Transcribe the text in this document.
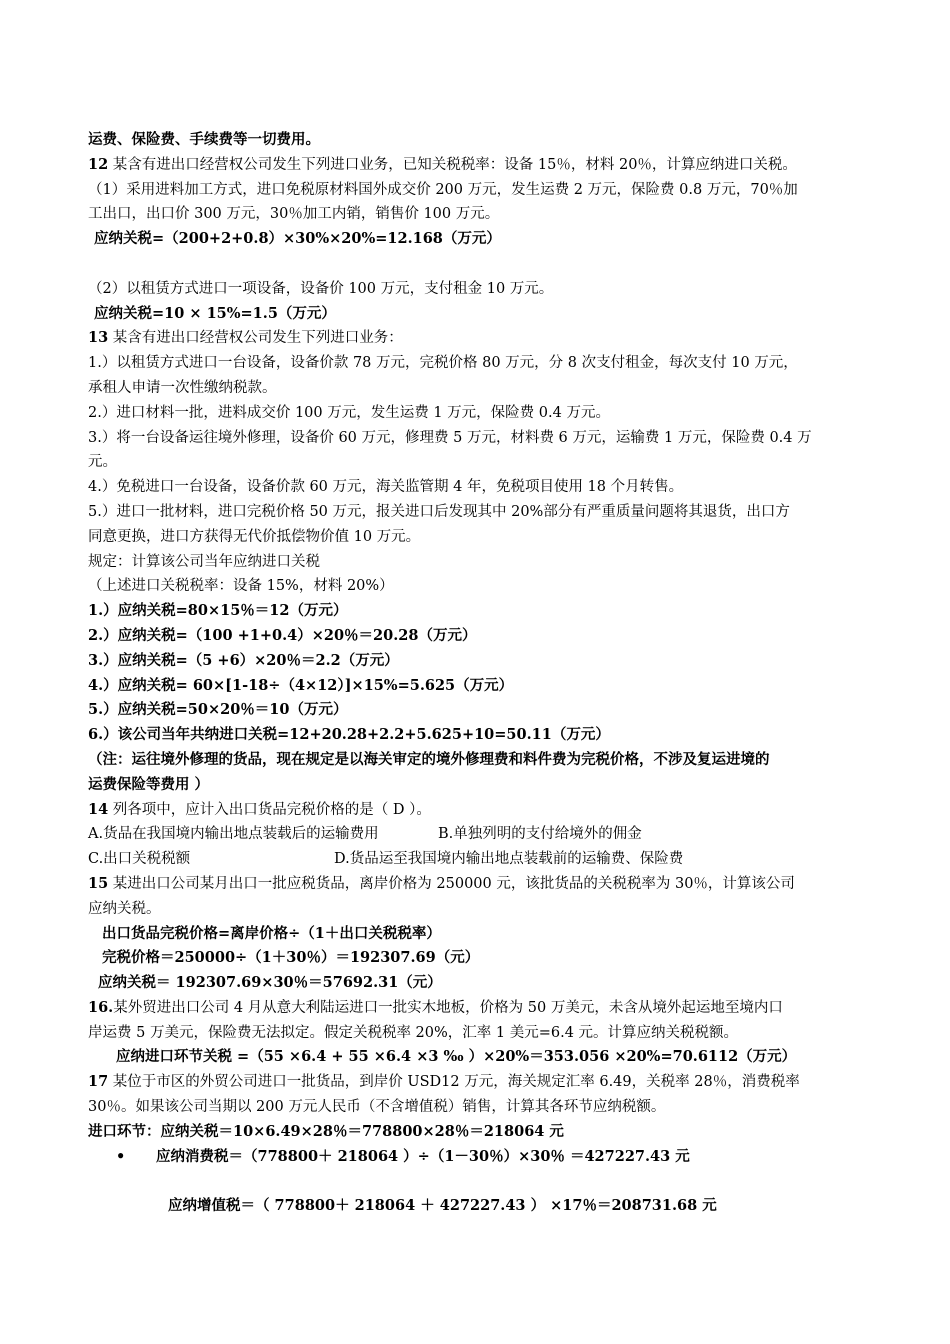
运费、保险费、手续费等一切费用。
12 某含有进出口经营权公司发生下列进口业务，已知关税税率：设备 15％，材料 20％，计算应纳进口关税。
（1）采用进料加工方式，进口免税原材料国外成交价 200 万元，发生运费 2 万元，保险费 0.8 万元，70％加
工出口，出口价 300 万元，30％加工内销，销售价 100 万元。
应纳关税=（200+2+0.8）×30%×20%=12.168（万元）
（2）以租赁方式进口一项设备，设备价 100 万元，支付租金 10 万元。
应纳关税=10 × 15%=1.5（万元）
13 某含有进出口经营权公司发生下列进口业务：
1.）以租赁方式进口一台设备，设备价款 78 万元，完税价格 80 万元，分 8 次支付租金，每次支付 10 万元，
承租人申请一次性缴纳税款。
2.）进口材料一批，进料成交价 100 万元，发生运费 1 万元，保险费 0.4 万元。
3.）将一台设备运往境外修理，设备价 60 万元，修理费 5 万元，材料费 6 万元，运输费 1 万元，保险费 0.4 万
元。
4.）免税进口一台设备，设备价款 60 万元，海关监管期 4 年，免税项目使用 18 个月转售。
5.）进口一批材料，进口完税价格 50 万元，报关进口后发现其中 20%部分有严重质量问题将其退货，出口方
同意更换，进口方获得无代价抵偿物价值 10 万元。
规定：计算该公司当年应纳进口关税
（上述进口关税税率：设备 15%，材料 20%）
1.）应纳关税=80×15％＝12（万元）
2.）应纳关税=（100 +1+0.4）×20％＝20.28（万元）
3.）应纳关税=（5 +6）×20％＝2.2（万元）
4.）应纳关税= 60×[1-18÷（4×12）]×15%=5.625（万元）
5.）应纳关税=50×20％＝10（万元）
6.）该公司当年共纳进口关税=12+20.28+2.2+5.625+10=50.11（万元）
（注：运往境外修理的货品，现在规定是以海关审定的境外修理费和料件费为完税价格，不涉及复运进境的
运费保险等费用 ）
14 列各项中，应计入出口货品完税价格的是（ D ）。
A.货品在我国境内输出地点装载后的运输费用	B.单独列明的支付给境外的佣金
C.出口关税税额	D.货品运至我国境内输出地点装载前的运输费、保险费
15 某进出口公司某月出口一批应税货品，离岸价格为 250000 元，该批货品的关税税率为 30％，计算该公司
应纳关税。
出口货品完税价格=离岸价格÷（1＋出口关税税率）
完税价格＝250000÷（1＋30％）＝192307.69（元）
应纳关税＝ 192307.69×30％＝57692.31（元）
16.某外贸进出口公司 4 月从意大利陆运进口一批实木地板，价格为 50 万美元，未含从境外起运地至境内口
岸运费 5 万美元，保险费无法拟定。假定关税税率 20%，汇率 1 美元=6.4 元。计算应纳关税税额。
应纳进口环节关税 =（55 ×6.4 + 55 ×6.4 ×3 ‰ ）×20%＝353.056 ×20%=70.6112（万元）
17 某位于市区的外贸公司进口一批货品，到岸价 USD12 万元，海关规定汇率 6.49，关税率 28％，消费税率
30％。如果该公司当期以 200 万元人民币（不含增值税）销售，计算其各环节应纳税额。
进口环节：应纳关税＝10×6.49×28％＝778800×28％＝218064 元
• 应纳消费税＝（778800＋ 218064 ）÷（1－30％）×30％ ＝427227.43 元
应纳增值税＝（ 778800＋ 218064 ＋ 427227.43 ） ×17％＝208731.68 元
